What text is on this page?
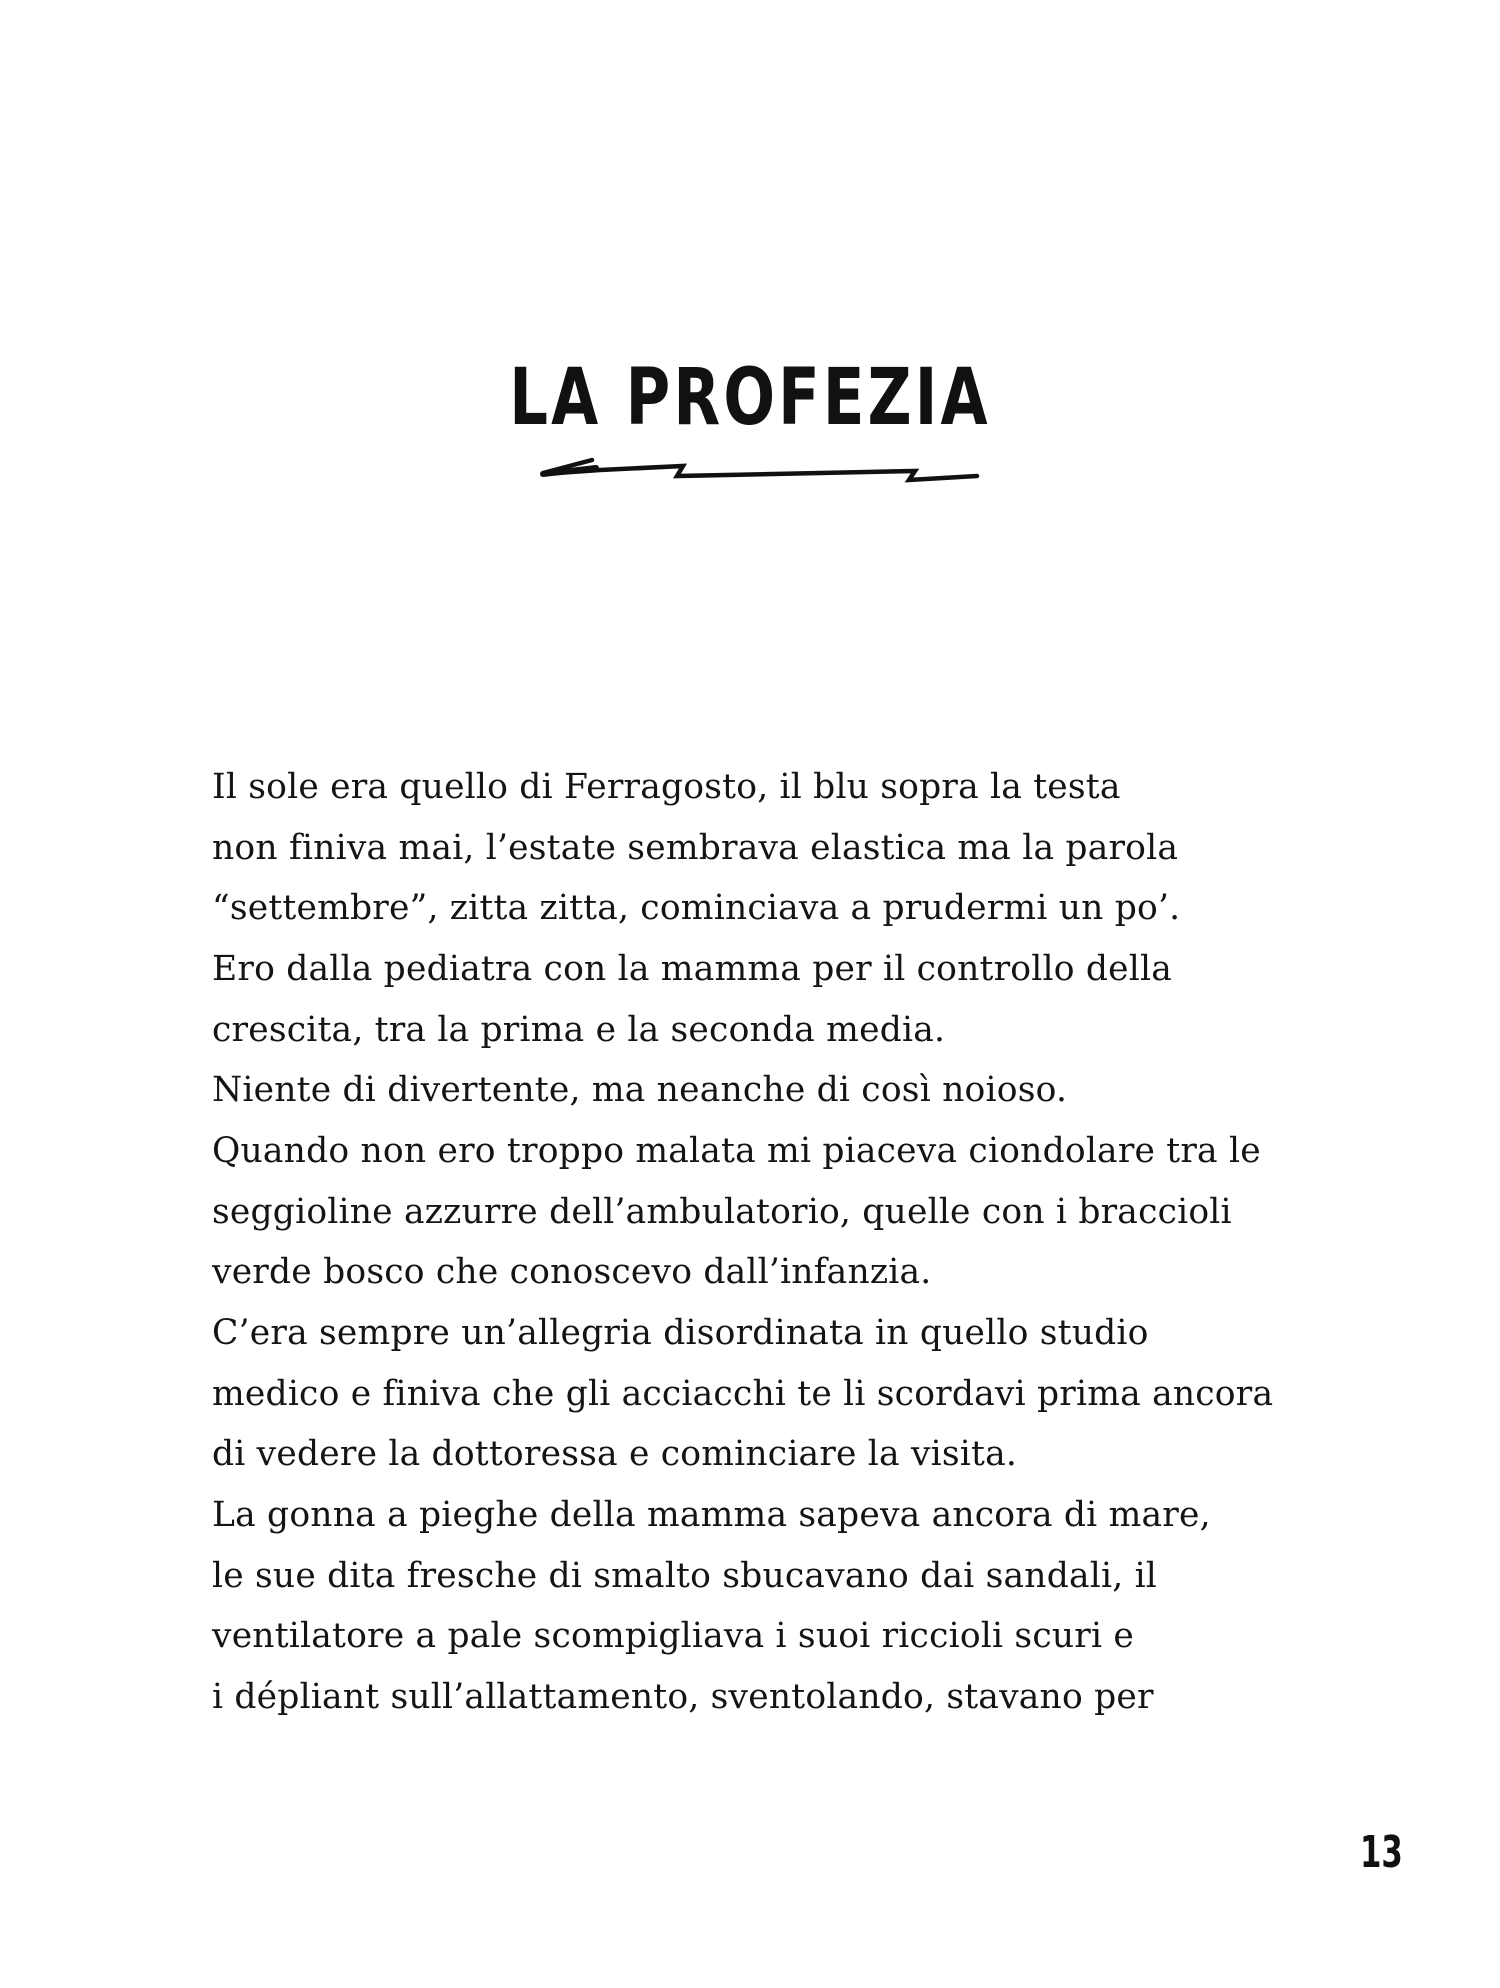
LA PROFEZIA
Il sole era quello di Ferragosto, il blu sopra la testa
non finiva mai, l’estate sembrava elastica ma la parola
“settembre”, zitta zitta, cominciava a prudermi un po’.
Ero dalla pediatra con la mamma per il controllo della
crescita, tra la prima e la seconda media.
Niente di divertente, ma neanche di così noioso.
Quando non ero troppo malata mi piaceva ciondolare tra le
seggioline azzurre dell’ambulatorio, quelle con i braccioli
verde bosco che conoscevo dall’infanzia.
C’era sempre un’allegria disordinata in quello studio
medico e finiva che gli acciacchi te li scordavi prima ancora
di vedere la dottoressa e cominciare la visita.
La gonna a pieghe della mamma sapeva ancora di mare,
le sue dita fresche di smalto sbucavano dai sandali, il
ventilatore a pale scompigliava i suoi riccioli scuri e
i dépliant sull’allattamento, sventolando, stavano per
13
